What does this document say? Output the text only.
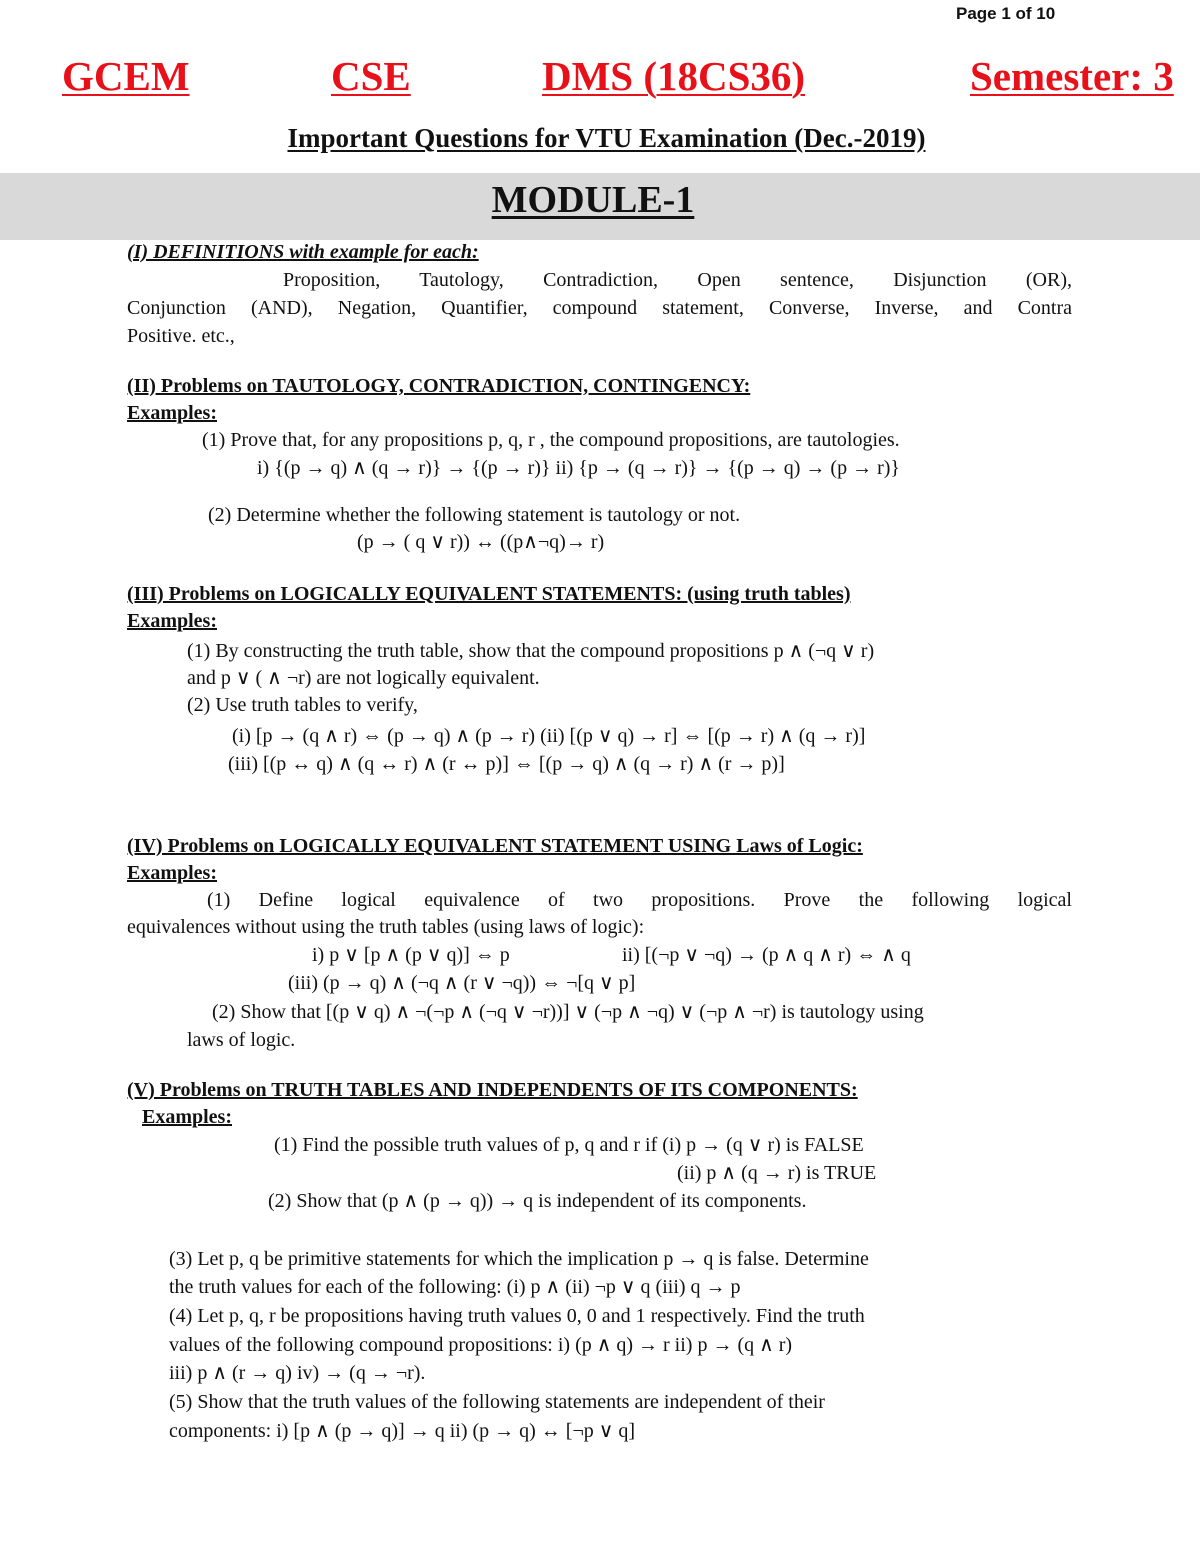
Page 1 of 10
GCEM	CSE	DMS (18CS36)	Semester: 3
Important Questions for VTU Examination (Dec.-2019)
MODULE-1
(I) DEFINITIONS with example for each:
Proposition, Tautology, Contradiction, Open sentence, Disjunction (OR),
Conjunction (AND), Negation, Quantifier, compound statement, Converse, Inverse, and Contra
Positive. etc.,
(II) Problems on TAUTOLOGY, CONTRADICTION, CONTINGENCY:
Examples:
(1) Prove that, for any propositions p, q, r , the compound propositions, are tautologies.
i) {(p → q) ∧ (q → r)} → {(p → r)} ii) {p → (q → r)} → {(p → q) → (p → r)}
(2) Determine whether the following statement is tautology or not.
(p → ( q ∨ r)) ↔ ((p∧¬q)→ r)
(III) Problems on LOGICALLY EQUIVALENT STATEMENTS: (using truth tables)
Examples:
(1) By constructing the truth table, show that the compound propositions p ∧ (¬q ∨ r)
and p ∨ ( ∧ ¬r) are not logically equivalent.
(2) Use truth tables to verify,
(i) [p → (q ∧ r) ⇔ (p → q) ∧ (p → r) (ii) [(p ∨ q) → r] ⇔ [(p → r) ∧ (q → r)]
(iii) [(p ↔ q) ∧ (q ↔ r) ∧ (r ↔ p)] ⇔ [(p → q) ∧ (q → r) ∧ (r → p)]
(IV) Problems on LOGICALLY EQUIVALENT STATEMENT USING Laws of Logic:
Examples:
(1) Define logical equivalence of two propositions. Prove the following logical
equivalences without using the truth tables (using laws of logic):
i) p ∨ [p ∧ (p ∨ q)] ⇔ p	ii) [(¬p ∨ ¬q) → (p ∧ q ∧ r) ⇔ ∧ q
(iii) (p → q) ∧ (¬q ∧ (r ∨ ¬q)) ⇔ ¬[q ∨ p]
(2) Show that [(p ∨ q) ∧ ¬(¬p ∧ (¬q ∨ ¬r))] ∨ (¬p ∧ ¬q) ∨ (¬p ∧ ¬r) is tautology using
laws of logic.
(V) Problems on TRUTH TABLES AND INDEPENDENTS OF ITS COMPONENTS:
Examples:
(1) Find the possible truth values of p, q and r if (i) p → (q ∨ r) is FALSE
(ii) p ∧ (q → r) is TRUE
(2) Show that (p ∧ (p → q)) → q is independent of its components.
(3) Let p, q be primitive statements for which the implication p → q is false. Determine
the truth values for each of the following: (i) p ∧ (ii) ¬p ∨ q (iii) q → p
(4) Let p, q, r be propositions having truth values 0, 0 and 1 respectively. Find the truth
values of the following compound propositions: i) (p ∧ q) → r ii) p → (q ∧ r)
iii) p ∧ (r → q) iv) → (q → ¬r).
(5) Show that the truth values of the following statements are independent of their
components: i) [p ∧ (p → q)] → q ii) (p → q) ↔ [¬p ∨ q]
